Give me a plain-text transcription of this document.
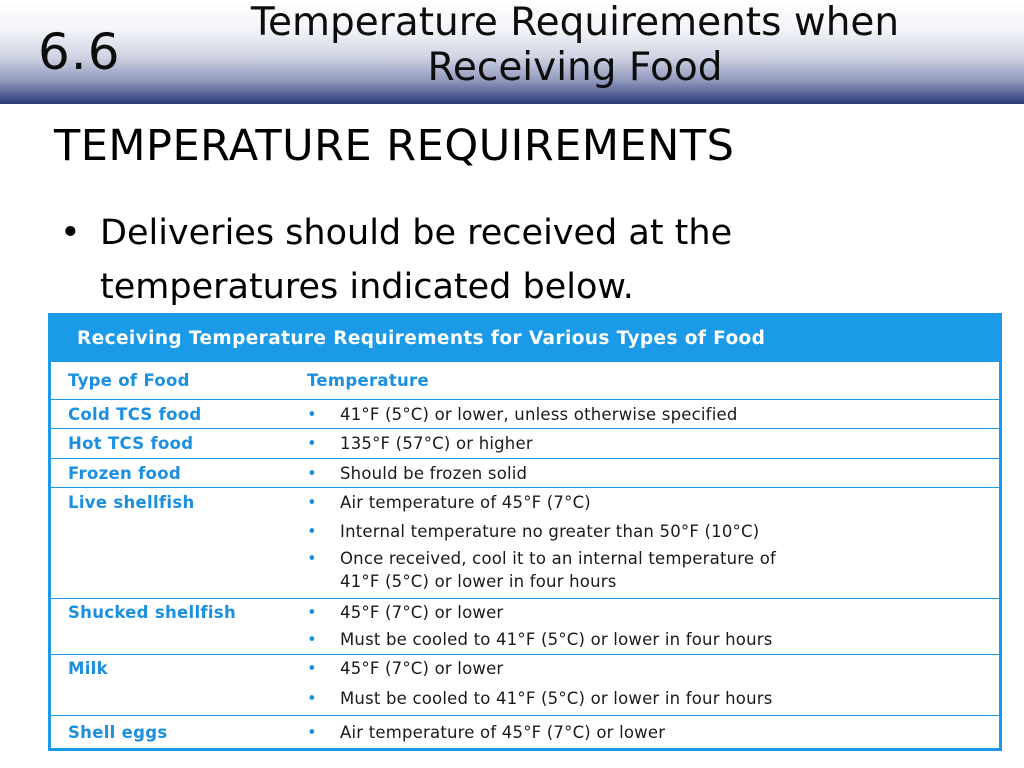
6.6
Temperature Requirements when
Receiving Food
TEMPERATURE REQUIREMENTS
• Deliveries should be received at the
temperatures indicated below.
Receiving Temperature Requirements for Various Types of Food
Type of Food	Temperature
Cold TCS food	• 41°F (5°C) or lower, unless otherwise specified
Hot TCS food	• 135°F (57°C) or higher
Frozen food	• Should be frozen solid
Live shellfish	• Air temperature of 45°F (7°C)
• Internal temperature no greater than 50°F (10°C)
• Once received, cool it to an internal temperature of
41°F (5°C) or lower in four hours
Shucked shellfish	• 45°F (7°C) or lower
• Must be cooled to 41°F (5°C) or lower in four hours
Milk	• 45°F (7°C) or lower
• Must be cooled to 41°F (5°C) or lower in four hours
Shell eggs	• Air temperature of 45°F (7°C) or lower
